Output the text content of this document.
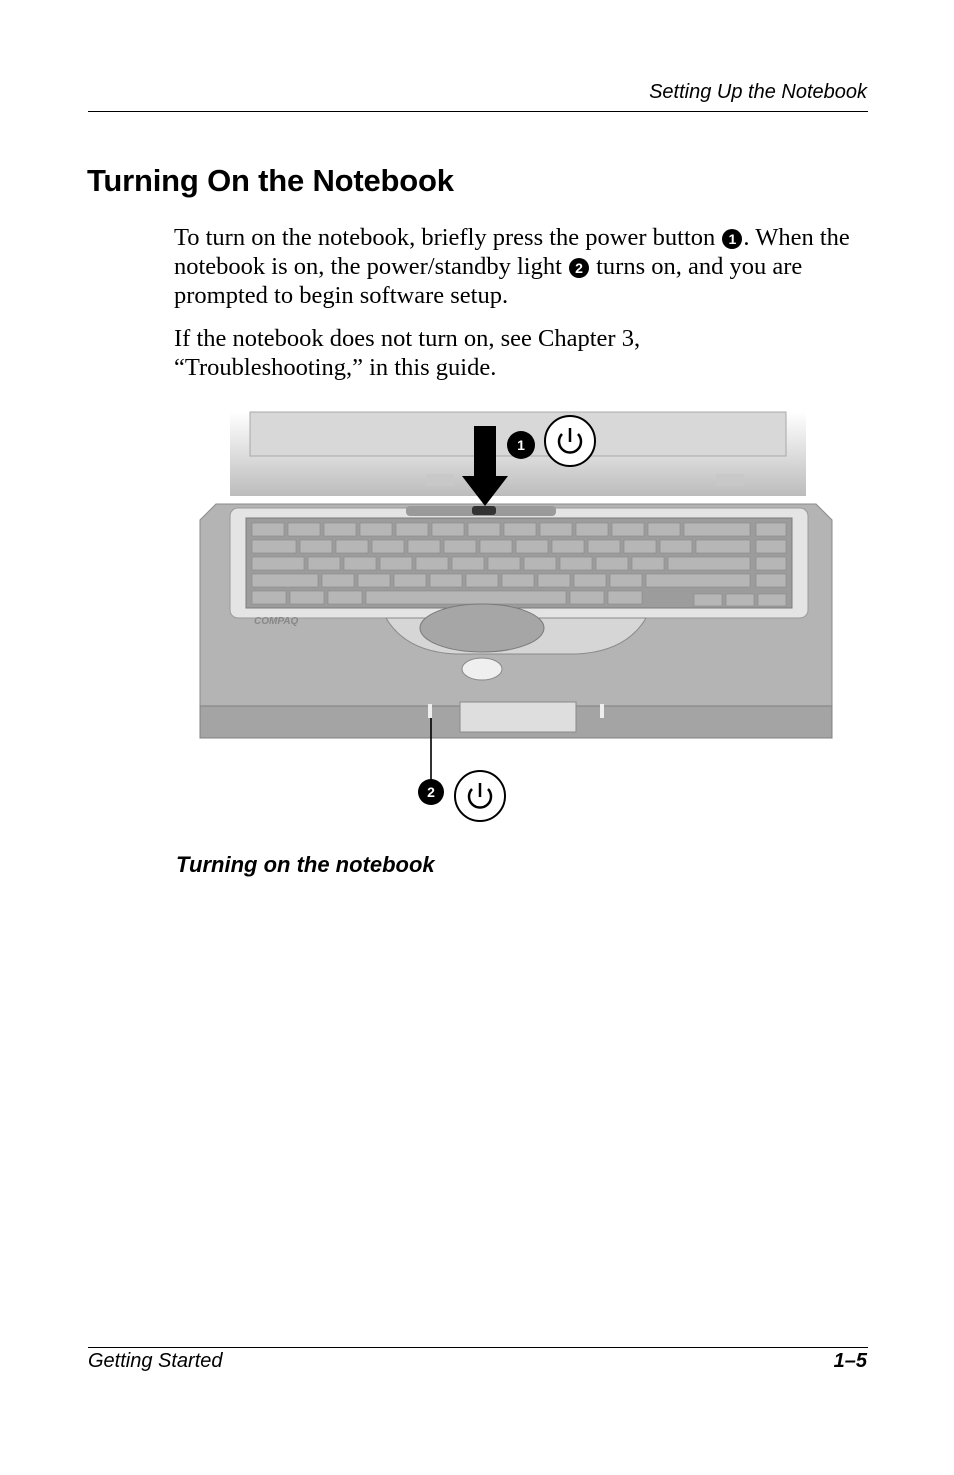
Setting Up the Notebook
Turning On the Notebook

To turn on the notebook, briefly press the power button 1 . When the notebook is on, the power/standby light 2 turns on, and you are prompted to begin software setup.

If the notebook does not turn on, see Chapter 3, “Troubleshooting,” in this guide.

COMPAQ
1
2
Turning on the notebook
Getting Started	1–5
